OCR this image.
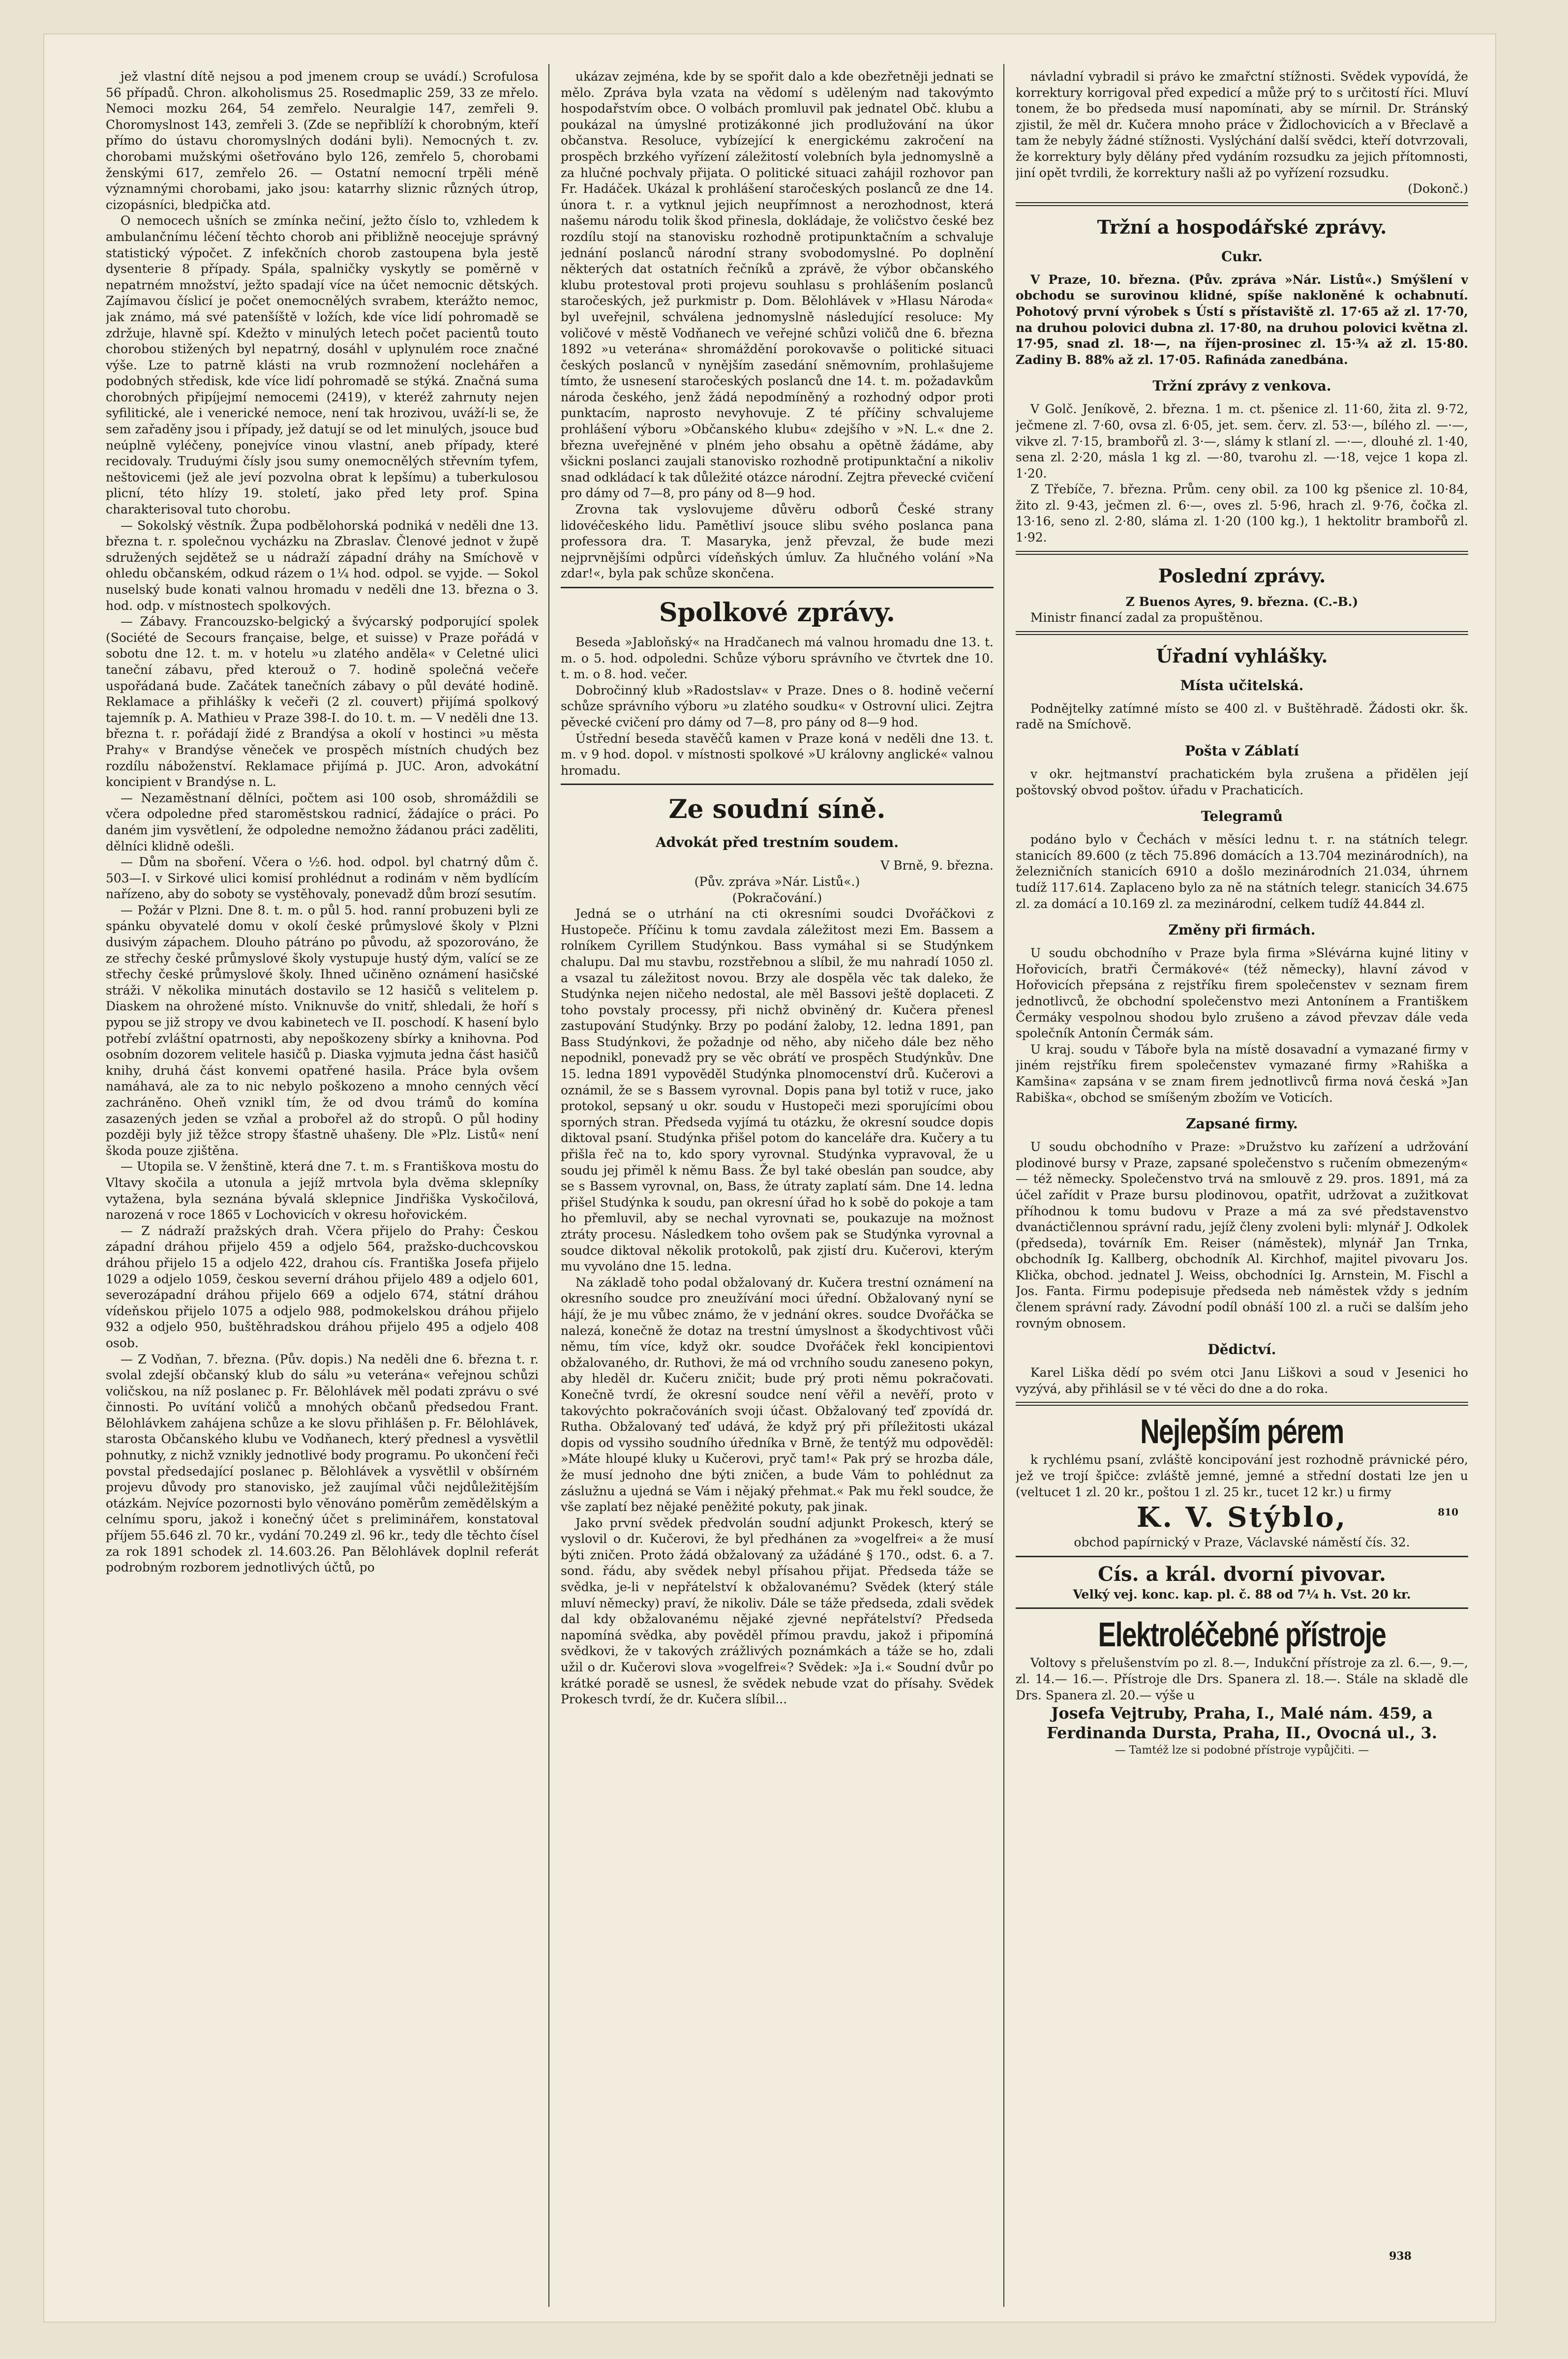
jež vlastní dítě nejsou a pod jmenem croup se uvádí.) Scrofulosa 56 případů. Chron. alkoholismus 25. Rosedmaplic 259, 33 ze mřelo. Nemoci mozku 264, 54 zemřelo. Neuralgie 147, zemřeli 9. Choromyslnost 143, zemřeli 3. (Zde se nepřiblíží k chorobným, kteří přímo do ústavu choromyslných dodáni byli). Nemocných t. zv. chorobami mužskými ošetřováno bylo 126, zemřelo 5, chorobami ženskými 617, zemřelo 26. — Ostatní nemocní trpěli méně významnými chorobami, jako jsou: katarrhy sliznic různých útrop, cizopásníci, bledpička atd.

O nemocech ušních se zmínka nečiní, ježto číslo to, vzhledem k ambulančnímu léčení těchto chorob ani přibližně neocejuje správný statistický výpočet. Z infekčních chorob zastoupena byla jestě dysenterie 8 případy. Spála, spalničky vyskytly se poměrně v nepatrném množství, ježto spadají více na účet nemocnic dětských. Zajímavou číslicí je počet onemocnělých svrabem, kterážto nemoc, jak známo, má své patenšíště v ložích, kde více lidí pohromadě se zdržuje, hlavně spí. Kdežto v minulých letech počet pacientů touto chorobou stižených byl nepatrný, dosáhl v uplynulém roce značné výše. Lze to patrně klásti na vrub rozmnožení noclehářen a podobných středisk, kde více lidí pohromadě se stýká. Značná suma chorobných připíjejmí nemocemi (2419), v kteréž zahrnuty nejen syfilitické, ale i venerické nemoce, není tak hrozivou, uváží-li se, že sem zařaděny jsou i případy, jež datují se od let minulých, jsouce buď neúplně vyléčeny, ponejvíce vinou vlastní, aneb případy, které recidovaly. Truduými čísly jsou sumy onemocnělých střevním tyfem, neštovicemi (jež ale jeví pozvolna obrat k lepšímu) a tuberkulosou plicní, této hlízy 19. století, jako před lety prof. Spina charakterisoval tuto chorobu.

— Sokolský věstník. Župa podbělohorská podniká v neděli dne 13. března t. r. společnou vycházku na Zbraslav. Členové jednot v župě sdružených sejdětež se u nádraží západní dráhy na Smíchově v ohledu občanském, odkud rázem o 1¼ hod. odpol. se vyjde. — Sokol nuselský bude konati valnou hromadu v neděli dne 13. března o 3. hod. odp. v místnostech spolkových.

— Zábavy. Francouzsko-belgický a švýcarský podporující spolek (Société de Secours française, belge, et suisse) v Praze pořádá v sobotu dne 12. t. m. v hotelu »u zlatého anděla« v Celetné ulici taneční zábavu, před kterouž o 7. hodině společná večeře uspořádaná bude. Začátek tanečních zábavy o půl deváté hodině. Reklamace a přihlášky k večeři (2 zl. couvert) přijímá spolkový tajemník p. A. Mathieu v Praze 398-I. do 10. t. m. — V neděli dne 13. března t. r. pořádají židé z Brandýsa a okolí v hostinci »u města Prahy« v Brandýse věneček ve prospěch místních chudých bez rozdílu náboženství. Reklamace přijímá p. JUC. Aron, advokátní koncipient v Brandýse n. L.

— Nezaměstnaní dělníci, počtem asi 100 osob, shromáždili se včera odpoledne před staroměstskou radnicí, žádajíce o práci. Po daném jim vysvětlení, že odpoledne nemožno žádanou práci zaděliti, dělníci klidně odešli.

— Dům na sboření. Včera o ½6. hod. odpol. byl chatrný dům č. 503—I. v Sirkové ulici komisí prohlédnut a rodinám v něm bydlícím nařízeno, aby do soboty se vystěhovaly, ponevadž dům brozí sesutím.

— Požár v Plzni. Dne 8. t. m. o půl 5. hod. ranní probuzeni byli ze spánku obyvatelé domu v okolí české průmyslové školy v Plzni dusivým zápachem. Dlouho pátráno po původu, až spozorováno, že ze střechy české průmyslové školy vystupuje hustý dým, valící se ze střechy české průmyslové školy. Ihned učiněno oznámení hasičské stráži. V několika minutách dostavilo se 12 hasičů s velitelem p. Diaskem na ohrožené místo. Vniknuvše do vnitř, shledali, že hoří s pypou se již stropy ve dvou kabinetech ve II. poschodí. K hasení bylo potřebí zvláštní opatrnosti, aby nepoškozeny sbírky a knihovna. Pod osobním dozorem velitele hasičů p. Diaska vyjmuta jedna část hasičů knihy, druhá část konvemi opatřené hasila. Práce byla ovšem namáhavá, ale za to nic nebylo poškozeno a mnoho cenných věcí zachráněno. Oheň vznikl tím, že od dvou trámů do komína zasazených jeden se vzňal a probořel až do stropů. O půl hodiny později byly již těžce stropy šťastně uhašeny. Dle »Plz. Listů« není škoda pouze zjištěna.

— Utopila se. V ženštině, která dne 7. t. m. s Františkova mostu do Vltavy skočila a utonula a jejíž mrtvola byla dvěma sklepníky vytažena, byla seznána bývalá sklepnice Jindřiška Vyskočilová, narozená v roce 1865 v Lochovicích v okresu hořovickém.

— Z nádraží pražských drah. Včera přijelo do Prahy: Českou západní dráhou přijelo 459 a odjelo 564, pražsko-duchcovskou dráhou přijelo 15 a odjelo 422, drahou cís. Františka Josefa přijelo 1029 a odjelo 1059, českou severní dráhou přijelo 489 a odjelo 601, severozápadní dráhou přijelo 669 a odjelo 674, státní dráhou vídeňskou přijelo 1075 a odjelo 988, podmokelskou dráhou přijelo 932 a odjelo 950, buštěhradskou dráhou přijelo 495 a odjelo 408 osob.

— Z Vodňan, 7. března. (Pův. dopis.) Na neděli dne 6. března t. r. svolal zdejší občanský klub do sálu »u veterána« veřejnou schůzi voličskou, na níž poslanec p. Fr. Bělohlávek měl podati zprávu o své činnosti. Po uvítání voličů a mnohých občanů předsedou Frant. Bělohlávkem zahájena schůze a ke slovu přihlášen p. Fr. Bělohlávek, starosta Občanského klubu ve Vodňanech, který přednesl a vysvětlil pohnutky, z nichž vznikly jednotlivé body programu. Po ukončení řeči povstal předsedající poslanec p. Bělohlávek a vysvětlil v obšírném projevu důvody pro stanovisko, jež zaujímal vůči nejdůležitějším otázkám. Nejvíce pozornosti bylo věnováno poměrům zemědělským a celnímu sporu, jakož i konečný účet s preliminářem, konstatoval příjem 55.646 zl. 70 kr., vydání 70.249 zl. 96 kr., tedy dle těchto čísel za rok 1891 schodek zl. 14.603.26. Pan Bělohlávek doplnil referát podrobným rozborem jednotlivých účtů, po

ukázav zejména, kde by se spořit dalo a kde obezřetněji jednati se mělo. Zpráva byla vzata na vědomí s uděleným nad takovýmto hospodařstvím obce. O volbách promluvil pak jednatel Obč. klubu a poukázal na úmyslné protizákonné jich prodlužování na úkor občanstva. Resoluce, vybízející k energickému zakročení na prospěch brzkého vyřízení záležitostí volebních byla jednomyslně a za hlučné pochvaly přijata. O politické situaci zahájil rozhovor pan Fr. Hadáček. Ukázal k prohlášení staročeských poslanců ze dne 14. února t. r. a vytknul jejich neupřímnost a nerozhodnost, která našemu národu tolik škod přinesla, dokládaje, že voličstvo české bez rozdílu stojí na stanovisku rozhodně protipunktačním a schvaluje jednání poslanců národní strany svobodomyslné. Po doplnění některých dat ostatních řečníků a zprávě, že výbor občanského klubu protestoval proti projevu souhlasu s prohlášením poslanců staročeských, jež purkmistr p. Dom. Bělohlávek v »Hlasu Národa« byl uveřejnil, schválena jednomyslně následující resoluce: My voličové v městě Vodňanech ve veřejné schůzi voličů dne 6. března 1892 »u veterána« shromáždění porokovavše o politické situaci českých poslanců v nynějším zasedání sněmovním, prohlašujeme tímto, že usnesení staročeských poslanců dne 14. t. m. požadavkům národa českého, jenž žádá nepodmíněný a rozhodný odpor proti punktacím, naprosto nevyhovuje. Z té příčiny schvalujeme prohlášení výboru »Občanského klubu« zdejšího v »N. L.« dne 2. března uveřejněné v plném jeho obsahu a opětně žádáme, aby všickni poslanci zaujali stanovisko rozhodně protipunktační a nikoliv snad odkládací k tak důležité otázce národní. Zejtra převecké cvičení pro dámy od 7—8, pro pány od 8—9 hod.

Zrovna tak vyslovujeme důvěru odborů České strany lidovéčeského lidu. Pamětliví jsouce slibu svého poslanca pana professora dra. T. Masaryka, jenž převzal, že bude mezi nejprvnějšími odpůrci vídeňských úmluv. Za hlučného volání »Na zdar!«, byla pak schůze skončena.

Spolkové zprávy.

Beseda »Jabloňský« na Hradčanech má valnou hromadu dne 13. t. m. o 5. hod. odpoledni. Schůze výboru správního ve čtvrtek dne 10. t. m. o 8. hod. večer.

Dobročinný klub »Radostslav« v Praze. Dnes o 8. hodině večerní schůze správního výboru »u zlatého soudku« v Ostrovní ulici. Zejtra pěvecké cvičení pro dámy od 7—8, pro pány od 8—9 hod.

Ústřední beseda stavěčů kamen v Praze koná v neděli dne 13. t. m. v 9 hod. dopol. v místnosti spolkové »U královny anglické« valnou hromadu.

Ze soudní síně.
Advokát před trestním soudem.

V Brně, 9. března.

(Pův. zpráva »Nár. Listů«.)

(Pokračování.)

Jedná se o utrhání na cti okresními soudci Dvořáčkovi z Hustopeče. Příčinu k tomu zavdala záležitost mezi Em. Bassem a rolníkem Cyrillem Studýnkou. Bass vymáhal si se Studýnkem chalupu. Dal mu stavbu, rozstřebnou a slíbil, že mu nahradí 1050 zl. a vsazal tu záležitost novou. Brzy ale dospěla věc tak daleko, že Studýnka nejen ničeho nedostal, ale měl Bassovi ještě doplaceti. Z toho povstaly processy, při nichž obviněný dr. Kučera přenesl zastupování Studýnky. Brzy po podání žaloby, 12. ledna 1891, pan Bass Studýnkovi, že požadnje od něho, aby ničeho dále bez něho nepodnikl, ponevadž pry se věc obrátí ve prospěch Studýnkův. Dne 15. ledna 1891 vypověděl Studýnka plnomocenství drů. Kučerovi a oznámil, že se s Bassem vyrovnal. Dopis pana byl totiž v ruce, jako protokol, sepsaný u okr. soudu v Hustopeči mezi sporujícími obou sporných stran. Předseda vyjímá tu otázku, že okresní soudce dopis diktoval psaní. Studýnka přišel potom do kanceláře dra. Kučery a tu přišla řeč na to, kdo spory vyrovnal. Studýnka vypravoval, že u soudu jej přiměl k němu Bass. Že byl také obeslán pan soudce, aby se s Bassem vyrovnal, on, Bass, že útraty zaplatí sám. Dne 14. ledna přišel Studýnka k soudu, pan okresní úřad ho k sobě do pokoje a tam ho přemluvil, aby se nechal vyrovnati se, poukazuje na možnost ztráty procesu. Následkem toho ovšem pak se Studýnka vyrovnal a soudce diktoval několik protokolů, pak zjistí dru. Kučerovi, kterým mu vyvoláno dne 15. ledna.

Na základě toho podal obžalovaný dr. Kučera trestní oznámení na okresního soudce pro zneužívání moci úřední. Obžalovaný nyní se hájí, že je mu vůbec známo, že v jednání okres. soudce Dvořáčka se nalezá, konečně že dotaz na trestní úmyslnost a škodychtivost vůči němu, tím více, když okr. soudce Dvořáček řekl koncipientovi obžalovaného, dr. Ruthovi, že má od vrchního soudu zaneseno pokyn, aby hleděl dr. Kučeru zničit; bude prý proti němu pokračovati. Konečně tvrdí, že okresní soudce není věřil a nevěří, proto v takovýchto pokračováních svoji účast. Obžalovaný teď zpovídá dr. Rutha. Obžalovaný teď udává, že když prý při příležitosti ukázal dopis od vyssiho soudního úředníka v Brně, že tentýž mu odpověděl: »Máte hloupé kluky u Kučerovi, pryč tam!« Pak prý se hrozba dále, že musí jednoho dne býti zničen, a bude Vám to pohlédnut za záslužnu a ujedná se Vám i nějaký přehmat.« Pak mu řekl soudce, že vše zaplatí bez nějaké peněžité pokuty, pak jinak.

Jako první svědek předvolán soudní adjunkt Prokesch, který se vyslovil o dr. Kučerovi, že byl předhánen za »vogelfrei« a že musí býti zničen. Proto žádá obžalovaný za užádáné § 170., odst. 6. a 7. sond. řádu, aby svědek nebyl přísahou přijat. Předseda táže se svědka, je-li v nepřátelství k obžalovanému? Svědek (který stále mluví německy) praví, že nikoliv. Dále se táže předseda, zdali svědek dal kdy obžalovanému nějaké zjevné nepřátelství? Předseda napomíná svědka, aby pověděl přímou pravdu, jakož i připomíná svědkovi, že v takových zrážlivých poznámkách a táže se ho, zdali užil o dr. Kučerovi slova »vogelfrei«? Svědek: »Ja i.« Soudní dvůr po krátké poradě se usnesl, že svědek nebude vzat do přísahy. Svědek Prokesch tvrdí, že dr. Kučera slíbil...

návladní vybradil si právo ke zmařctní stížnosti. Svědek vypovídá, že korrektury korrigoval před expedicí a může prý to s určitostí říci. Mluví tonem, že bo předseda musí napomínati, aby se mírnil. Dr. Stránský zjistil, že měl dr. Kučera mnoho práce v Židlochovicích a v Břeclavě a tam že nebyly žádné stížnosti. Vyslýchání další svědci, kteří dotvrzovali, že korrektury byly dělány před vydáním rozsudku za jejich přítomnosti, jiní opět tvrdili, že korrektury našli až po vyřízení rozsudku.

(Dokonč.)

Tržní a hospodářské zprávy.
Cukr.

V Praze, 10. března. (Pův. zpráva »Nár. Listů«.) Smýšlení v obchodu se surovinou klidné, spíše nakloněné k ochabnutí. Pohotový první výrobek s Ústí s přístaviště zl. 17·65 až zl. 17·70, na druhou polovici dubna zl. 17·80, na druhou polovici května zl. 17·95, snad zl. 18·—, na říjen-prosinec zl. 15·¾ až zl. 15·80. Zadiny B. 88% až zl. 17·05. Rafináda zanedbána.

Tržní zprávy z venkova.

V Golč. Jeníkově, 2. března. 1 m. ct. pšenice zl. 11·60, žita zl. 9·72, ječmene zl. 7·60, ovsa zl. 6·05, jet. sem. červ. zl. 53·—, bílého zl. —·—, vikve zl. 7·15, brambořů zl. 3·—, slámy k stlaní zl. —·—, dlouhé zl. 1·40, sena zl. 2·20, másla 1 kg zl. —·80, tvarohu zl. —·18, vejce 1 kopa zl. 1·20.

Z Třebíče, 7. března. Prům. ceny obil. za 100 kg pšenice zl. 10·84, žito zl. 9·43, ječmen zl. 6·—, oves zl. 5·96, hrach zl. 9·76, čočka zl. 13·16, seno zl. 2·80, sláma zl. 1·20 (100 kg.), 1 hektolitr brambořů zl. 1·92.

Poslední zprávy.

Z Buenos Ayres, 9. března. (C.-B.)

Ministr financí zadal za propuštěnou.

Úřadní vyhlášky.
Místa učitelská.

Podnějtelky zatímné místo se 400 zl. v Buštěhradě. Žádosti okr. šk. radě na Smíchově.

Pošta v Záblatí

v okr. hejtmanství prachatickém byla zrušena a přidělen její poštovský obvod poštov. úřadu v Prachaticích.

Telegramů

podáno bylo v Čechách v měsíci lednu t. r. na státních telegr. stanicích 89.600 (z těch 75.896 domácích a 13.704 mezinárodních), na železničních stanicích 6910 a došlo mezinárodních 21.034, úhrnem tudíž 117.614. Zaplaceno bylo za ně na státních telegr. stanicích 34.675 zl. za domácí a 10.169 zl. za mezinárodní, celkem tudíž 44.844 zl.

Změny při firmách.

U soudu obchodního v Praze byla firma »Slévárna kujné litiny v Hořovicích, bratři Čermákové« (též německy), hlavní závod v Hořovicích přepsána z rejstříku firem společenstev v seznam firem jednotlivců, že obchodní společenstvo mezi Antonínem a Františkem Čermáky vespolnou shodou bylo zrušeno a závod převzav dále veda společník Antonín Čermák sám.

U kraj. soudu v Táboře byla na místě dosavadní a vymazané firmy v jiném rejstříku firem společenstev vymazané firmy »Rahiška a Kamšina« zapsána v se znam firem jednotlivců firma nová česká »Jan Rabiška«, obchod se smíšeným zbožím ve Voticích.

Zapsané firmy.

U soudu obchodního v Praze: »Družstvo ku zařízení a udržování plodinové bursy v Praze, zapsané společenstvo s ručením obmezeným« — též německy. Společenstvo trvá na smlouvě z 29. pros. 1891, má za účel zařídit v Praze bursu plodinovou, opatřit, udržovat a zužitkovat příhodnou k tomu budovu v Praze a má za své představenstvo dvanáctičlennou správní radu, jejíž členy zvoleni byli: mlynář J. Odkolek (předseda), továrník Em. Reiser (náměstek), mlynář Jan Trnka, obchodník Ig. Kallberg, obchodník Al. Kirchhof, majitel pivovaru Jos. Klička, obchod. jednatel J. Weiss, obchodníci Ig. Arnstein, M. Fischl a Jos. Fanta. Firmu podepisuje předseda neb náměstek vždy s jedním členem správní rady. Závodní podíl obnáší 100 zl. a ruči se dalším jeho rovným obnosem.

Dědictví.

Karel Liška dědí po svém otci Janu Liškovi a soud v Jesenici ho vyzývá, aby přihlásil se v té věci do dne a do roka.

Nejlepším pérem

k rychlému psaní, zvláště koncipování jest rozhodně právnické péro, jež ve trojí špičce: zvláště jemné, jemné a střední dostati lze jen u (veltucet 1 zl. 20 kr., poštou 1 zl. 25 kr., tucet 12 kr.) u firmy

K. V. Stýblo,	810

obchod papírnický v Praze, Václavské náměstí čís. 32.

Cís. a král. dvorní pivovar.

Velký vej. konc. kap. pl. č. 88 od 7¼ h. Vst. 20 kr.

Elektroléčebné přístroje

Voltovy s přelušenstvím po zl. 8.—, Indukční přístroje za zl. 6.—, 9.—, zl. 14.— 16.—. Přístroje dle Drs. Spanera zl. 18.—. Stále na skladě dle Drs. Spanera zl. 20.— výše u

Josefa Vejtruby, Praha, I., Malé nám. 459, a

Ferdinanda Dursta, Praha, II., Ovocná ul., 3.

— Tamtéž lze si podobné přístroje vypůjčiti. —

938
